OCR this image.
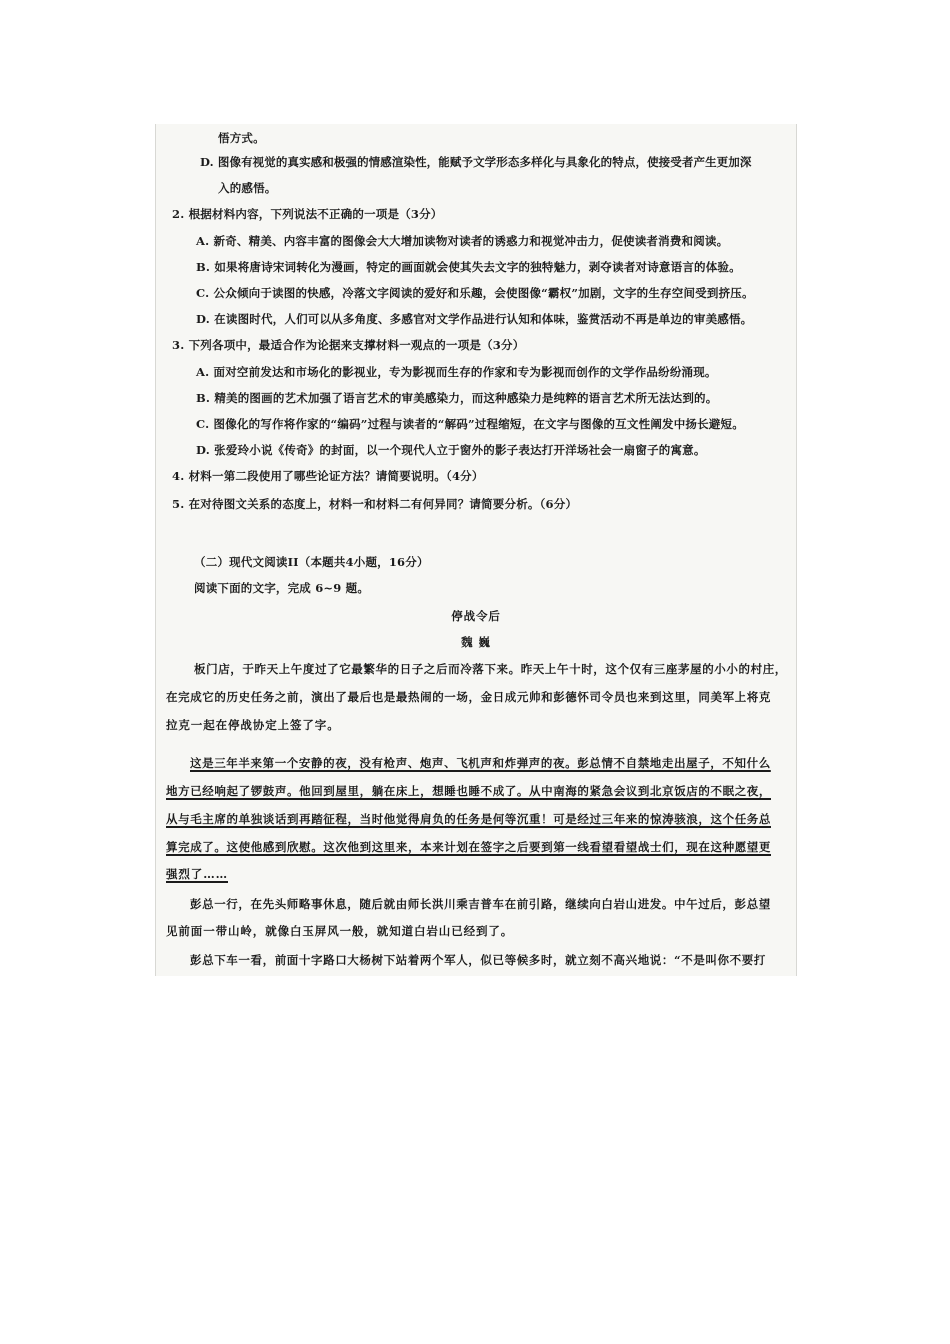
悟方式。
D. 图像有视觉的真实感和极强的情感渲染性，能赋予文学形态多样化与具象化的特点，使接受者产生更加深
入的感悟。
2. 根据材料内容，下列说法不正确的一项是（3分）
A. 新奇、精美、内容丰富的图像会大大增加读物对读者的诱惑力和视觉冲击力，促使读者消费和阅读。
B. 如果将唐诗宋词转化为漫画，特定的画面就会使其失去文字的独特魅力，剥夺读者对诗意语言的体验。
C. 公众倾向于读图的快感，冷落文字阅读的爱好和乐趣，会使图像“霸权”加剧，文字的生存空间受到挤压。
D. 在读图时代，人们可以从多角度、多感官对文学作品进行认知和体味，鉴赏活动不再是单边的审美感悟。
3. 下列各项中，最适合作为论据来支撑材料一观点的一项是（3分）
A. 面对空前发达和市场化的影视业，专为影视而生存的作家和专为影视而创作的文学作品纷纷涌现。
B. 精美的图画的艺术加强了语言艺术的审美感染力，而这种感染力是纯粹的语言艺术所无法达到的。
C. 图像化的写作将作家的“编码”过程与读者的“解码”过程缩短，在文字与图像的互文性阐发中扬长避短。
D. 张爱玲小说《传奇》的封面，以一个现代人立于窗外的影子表达打开洋场社会一扇窗子的寓意。
4. 材料一第二段使用了哪些论证方法？请简要说明。（4分）
5. 在对待图文关系的态度上，材料一和材料二有何异同？请简要分析。（6分）
（二）现代文阅读II（本题共4小题，16分）
阅读下面的文字，完成 6~9 题。
停战令后
魏 巍
板门店，于昨天上午度过了它最繁华的日子之后而冷落下来。昨天上午十时，这个仅有三座茅屋的小小的村庄，
在完成它的历史任务之前，演出了最后也是最热闹的一场，金日成元帅和彭德怀司令员也来到这里，同美军上将克
拉克一起在停战协定上签了字。
这是三年半来第一个安静的夜，没有枪声、炮声、飞机声和炸弹声的夜。彭总情不自禁地走出屋子，不知什么
地方已经响起了锣鼓声。他回到屋里，躺在床上，想睡也睡不成了。从中南海的紧急会议到北京饭店的不眠之夜，
从与毛主席的单独谈话到再踏征程，当时他觉得肩负的任务是何等沉重！可是经过三年来的惊涛骇浪，这个任务总
算完成了。这使他感到欣慰。这次他到这里来，本来计划在签字之后要到第一线看望看望战士们，现在这种愿望更
强烈了……
彭总一行，在先头师略事休息，随后就由师长洪川乘吉普车在前引路，继续向白岩山进发。中午过后，彭总望
见前面一带山岭，就像白玉屏风一般，就知道白岩山已经到了。
彭总下车一看，前面十字路口大杨树下站着两个军人，似已等候多时，就立刻不高兴地说：“不是叫你不要打
